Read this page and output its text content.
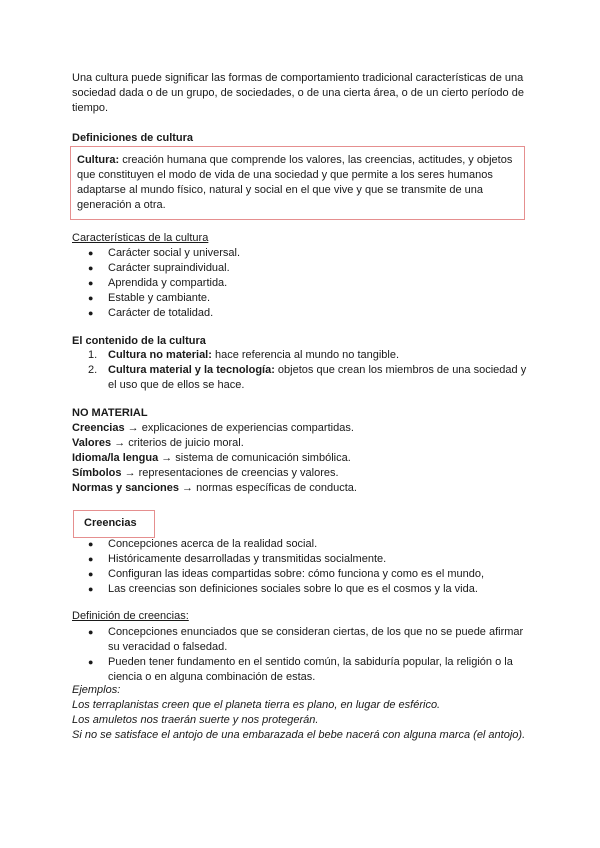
Una cultura puede significar las formas de comportamiento tradicional características de una sociedad dada o de un grupo, de sociedades, o de una cierta área, o de un cierto período de tiempo.

Definiciones de cultura

Cultura: creación humana que comprende los valores, las creencias, actitudes, y objetos que constituyen el modo de vida de una sociedad y que permite a los seres humanos adaptarse al mundo físico, natural y social en el que vive y que se transmite de una generación a otra.

Características de la cultura

● Carácter social y universal.
● Carácter supraindividual.
● Aprendida y compartida.
● Estable y cambiante.
● Carácter de totalidad.

El contenido de la cultura

1. Cultura no material: hace referencia al mundo no tangible.
2. Cultura material y la tecnología: objetos que crean los miembros de una sociedad y el uso que de ellos se hace.

NO MATERIAL

Creencias → explicaciones de experiencias compartidas.

Valores → criterios de juicio moral.

Idioma/la lengua → sistema de comunicación simbólica.

Símbolos → representaciones de creencias y valores.

Normas y sanciones → normas específicas de conducta.

Creencias
● Concepciones acerca de la realidad social.
● Históricamente desarrolladas y transmitidas socialmente.
● Configuran las ideas compartidas sobre: cómo funciona y como es el mundo,
● Las creencias son definiciones sociales sobre lo que es el cosmos y la vida.

Definición de creencias:

● Concepciones enunciados que se consideran ciertas, de los que no se puede afirmar su veracidad o falsedad.
● Pueden tener fundamento en el sentido común, la sabiduría popular, la religión o la ciencia o en alguna combinación de estas.

Ejemplos:

Los terraplanistas creen que el planeta tierra es plano, en lugar de esférico.

Los amuletos nos traerán suerte y nos protegerán.

Si no se satisface el antojo de una embarazada el bebe nacerá con alguna marca (el antojo).
